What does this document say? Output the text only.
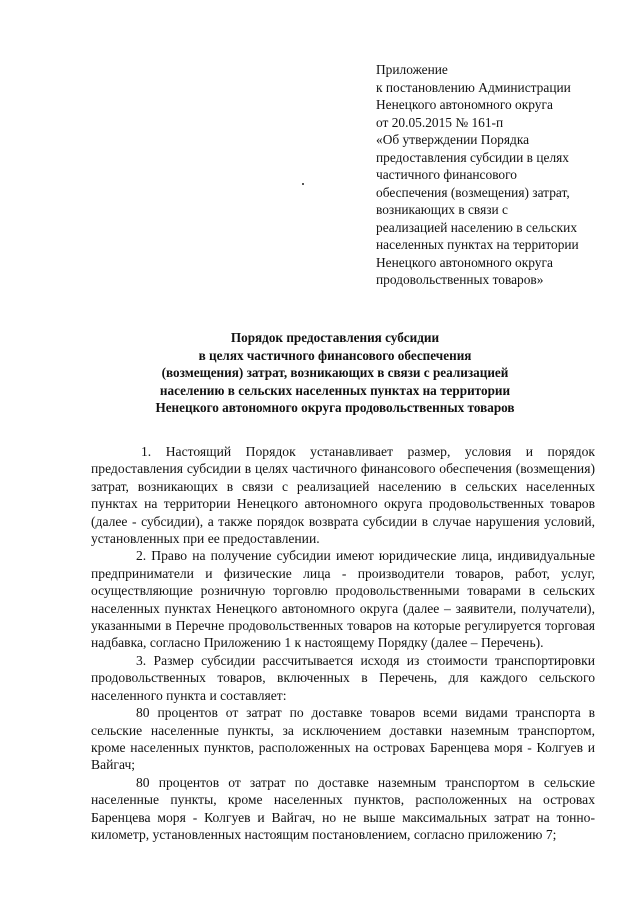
Приложение
к постановлению Администрации
Ненецкого автономного округа
от 20.05.2015 № 161-п
«Об утверждении Порядка
предоставления субсидии в целях
частичного финансового
обеспечения (возмещения) затрат,
возникающих в связи с
реализацией населению в сельских
населенных пунктах на территории
Ненецкого автономного округа
продовольственных товаров»
Порядок предоставления субсидии
в целях частичного финансового обеспечения
(возмещения) затрат, возникающих в связи с реализацией
населению в сельских населенных пунктах на территории
Ненецкого автономного округа продовольственных товаров

1. Настоящий Порядок устанавливает размер, условия и порядок предоставления субсидии в целях частичного финансового обеспечения (возмещения) затрат, возникающих в связи с реализацией населению в сельских населенных пунктах на территории Ненецкого автономного округа продовольственных товаров (далее - субсидии), а также порядок возврата субсидии в случае нарушения условий, установленных при ее предоставлении.

2. Право на получение субсидии имеют юридические лица, индивидуальные предприниматели и физические лица - производители товаров, работ, услуг, осуществляющие розничную торговлю продовольственными товарами в сельских населенных пунктах Ненецкого автономного округа (далее – заявители, получатели), указанными в Перечне продовольственных товаров на которые регулируется торговая надбавка, согласно Приложению 1 к настоящему Порядку (далее – Перечень).

3. Размер субсидии рассчитывается исходя из стоимости транспортировки продовольственных товаров, включенных в Перечень, для каждого сельского населенного пункта и составляет:

80 процентов от затрат по доставке товаров всеми видами транспорта в сельские населенные пункты, за исключением доставки наземным транспортом, кроме населенных пунктов, расположенных на островах Баренцева моря - Колгуев и Вайгач;

80 процентов от затрат по доставке наземным транспортом в сельские населенные пункты, кроме населенных пунктов, расположенных на островах Баренцева моря - Колгуев и Вайгач, но не выше максимальных затрат на тонно-километр, установленных настоящим постановлением, согласно приложению 7;
